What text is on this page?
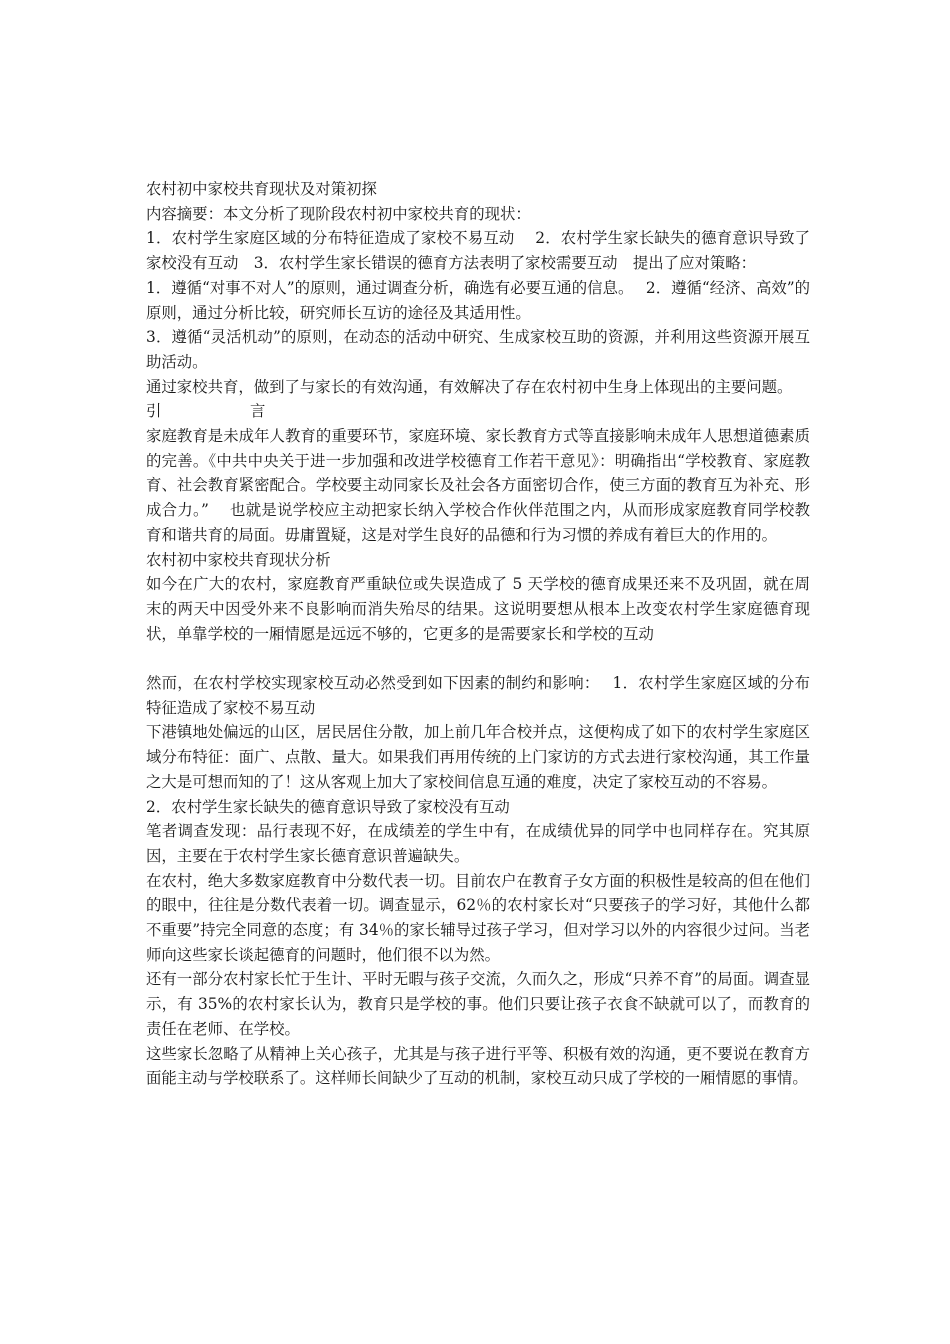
农村初中家校共育现状及对策初探

内容摘要：本文分析了现阶段农村初中家校共育的现状：

1．农村学生家庭区域的分布特征造成了家校不易互动　 2．农村学生家长缺失的德育意识导致了家校没有互动　3．农村学生家长错误的德育方法表明了家校需要互动　提出了应对策略：

1．遵循“对事不对人”的原则，通过调查分析，确选有必要互通的信息。　 2．遵循“经济、高效”的原则，通过分析比较，研究师长互访的途径及其适用性。

3．遵循“灵活机动”的原则，在动态的活动中研究、生成家校互助的资源，并利用这些资源开展互助活动。

通过家校共育，做到了与家长的有效沟通，有效解决了存在农村初中生身上体现出的主要问题。

引	言

家庭教育是未成年人教育的重要环节，家庭环境、家长教育方式等直接影响未成年人思想道德素质的完善。《中共中央关于进一步加强和改进学校德育工作若干意见》：明确指出“学校教育、家庭教育、社会教育紧密配合。学校要主动同家长及社会各方面密切合作，使三方面的教育互为补充、形成合力。”　 也就是说学校应主动把家长纳入学校合作伙伴范围之内，从而形成家庭教育同学校教育和谐共育的局面。毋庸置疑，这是对学生良好的品德和行为习惯的养成有着巨大的作用的。

农村初中家校共育现状分析

如今在广大的农村，家庭教育严重缺位或失误造成了 5 天学校的德育成果还来不及巩固，就在周末的两天中因受外来不良影响而消失殆尽的结果。这说明要想从根本上改变农村学生家庭德育现状，单靠学校的一厢情愿是远远不够的，它更多的是需要家长和学校的互动

然而，在农村学校实现家校互动必然受到如下因素的制约和影响：　 1．农村学生家庭区域的分布特征造成了家校不易互动

下港镇地处偏远的山区，居民居住分散，加上前几年合校并点，这便构成了如下的农村学生家庭区域分布特征：面广、点散、量大。如果我们再用传统的上门家访的方式去进行家校沟通，其工作量之大是可想而知的了！这从客观上加大了家校间信息互通的难度，决定了家校互动的不容易。

2．农村学生家长缺失的德育意识导致了家校没有互动

笔者调查发现：品行表现不好，在成绩差的学生中有，在成绩优异的同学中也同样存在。究其原因，主要在于农村学生家长德育意识普遍缺失。

在农村，绝大多数家庭教育中分数代表一切。目前农户在教育子女方面的积极性是较高的但在他们的眼中，往往是分数代表着一切。调查显示，62％的农村家长对“只要孩子的学习好，其他什么都不重要”持完全同意的态度；有 34％的家长辅导过孩子学习，但对学习以外的内容很少过问。当老师向这些家长谈起德育的问题时，他们很不以为然。

还有一部分农村家长忙于生计、平时无暇与孩子交流，久而久之，形成“只养不育”的局面。调查显示，有 35%的农村家长认为，教育只是学校的事。他们只要让孩子衣食不缺就可以了，而教育的责任在老师、在学校。

这些家长忽略了从精神上关心孩子，尤其是与孩子进行平等、积极有效的沟通，更不要说在教育方面能主动与学校联系了。这样师长间缺少了互动的机制，家校互动只成了学校的一厢情愿的事情。
